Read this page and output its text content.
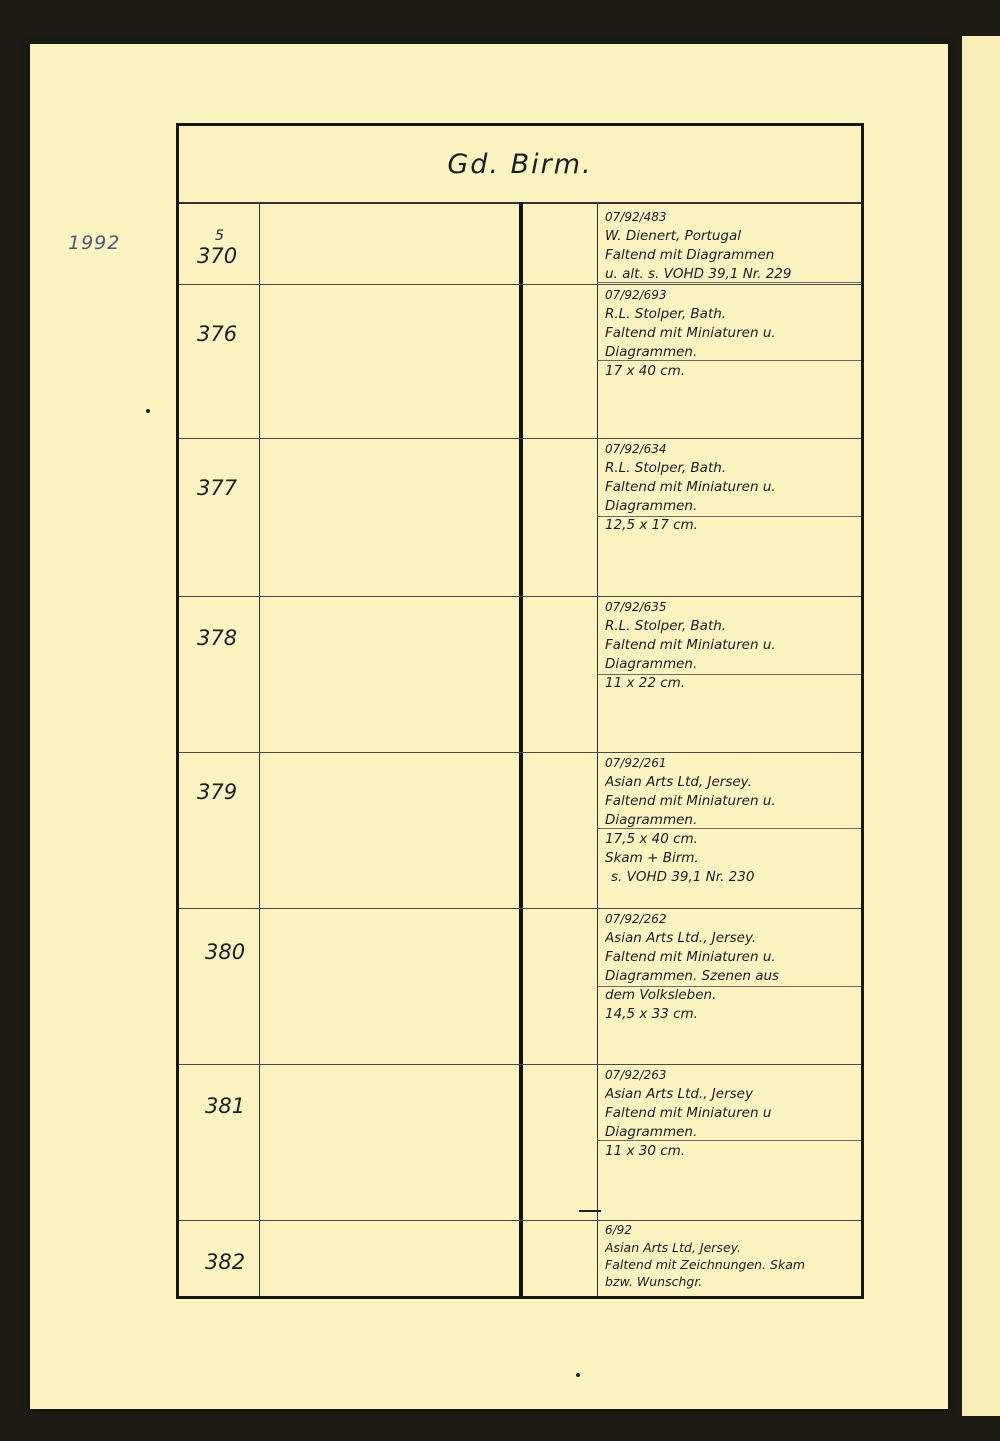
1992
Gd. Birm.
5
370
07/92/483
W. Dienert, Portugal
Faltend mit Diagrammen
u. alt. s. VOHD 39,1 Nr. 229
376
07/92/693
R.L. Stolper, Bath.
Faltend mit Miniaturen u.
Diagrammen.
17 x 40 cm.
377
07/92/634
R.L. Stolper, Bath.
Faltend mit Miniaturen u.
Diagrammen.
12,5 x 17 cm.
378
07/92/635
R.L. Stolper, Bath.
Faltend mit Miniaturen u.
Diagrammen.
11 x 22 cm.
379
07/92/261
Asian Arts Ltd, Jersey.
Faltend mit Miniaturen u.
Diagrammen.
17,5 x 40 cm.
Skam + Birm.
s. VOHD 39,1 Nr. 230
380
07/92/262
Asian Arts Ltd., Jersey.
Faltend mit Miniaturen u.
Diagrammen. Szenen aus
dem Volksleben.
14,5 x 33 cm.
381
07/92/263
Asian Arts Ltd., Jersey
Faltend mit Miniaturen u
Diagrammen.
11 x 30 cm.
382
6/92
Asian Arts Ltd, Jersey.
Faltend mit Zeichnungen. Skam
bzw. Wunschgr.
